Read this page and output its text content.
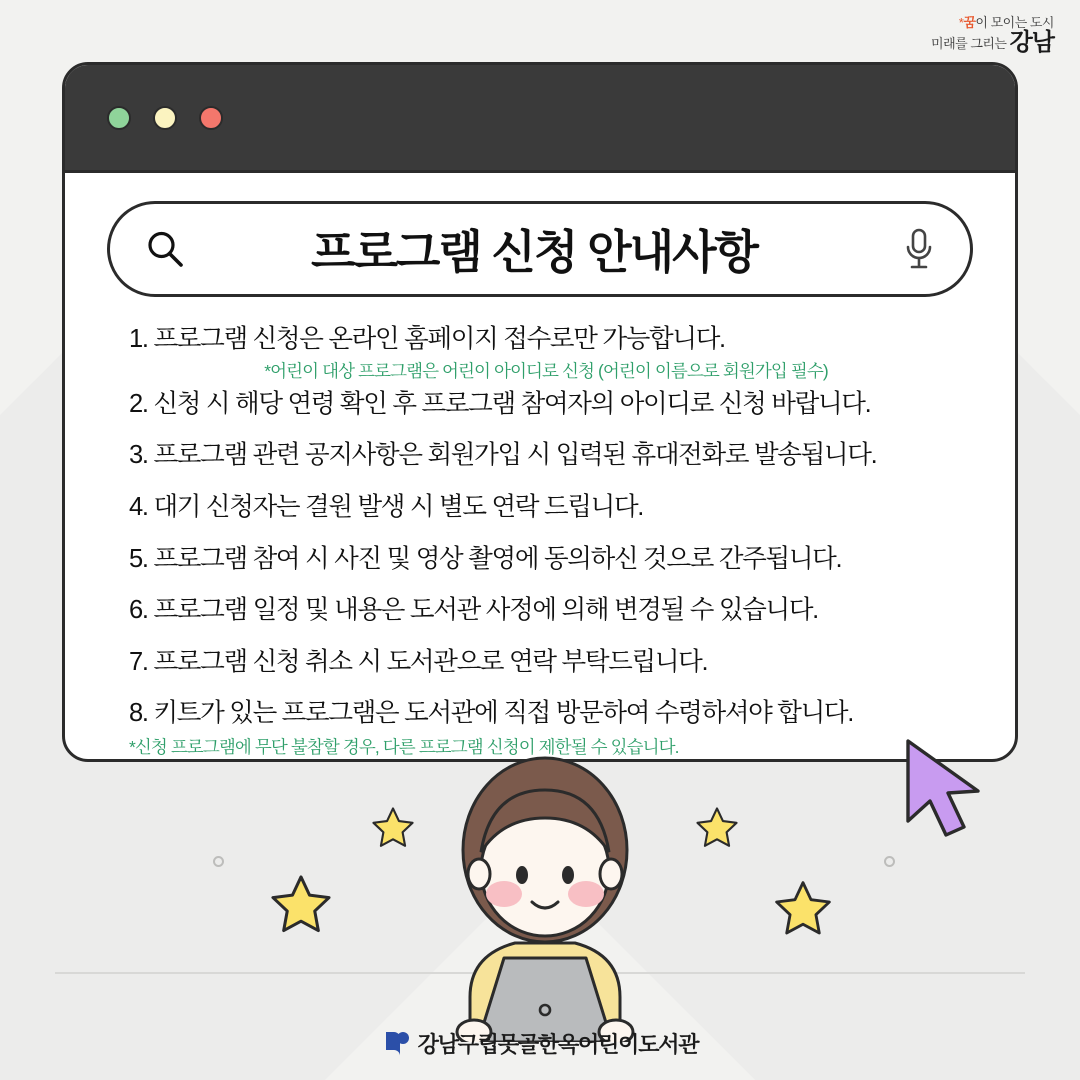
*꿈이 모이는 도시
미래를 그리는 강남
프로그램 신청 안내사항
1. 프로그램 신청은 온라인 홈페이지 접수로만 가능합니다.
*어린이 대상 프로그램은 어린이 아이디로 신청 (어린이 이름으로 회원가입 필수)
2. 신청 시 해당 연령 확인 후 프로그램 참여자의 아이디로 신청 바랍니다.
3. 프로그램 관련 공지사항은 회원가입 시 입력된 휴대전화로 발송됩니다.
4. 대기 신청자는 결원 발생 시 별도 연락 드립니다.
5. 프로그램 참여 시 사진 및 영상 촬영에 동의하신 것으로 간주됩니다.
6. 프로그램 일정 및 내용은 도서관 사정에 의해 변경될 수 있습니다.
7. 프로그램 신청 취소 시 도서관으로 연락 부탁드립니다.
8. 키트가 있는 프로그램은 도서관에 직접 방문하여 수령하셔야 합니다.
*신청 프로그램에 무단 불참할 경우, 다른 프로그램 신청이 제한될 수 있습니다.
강남구립못골한옥어린이도서관
